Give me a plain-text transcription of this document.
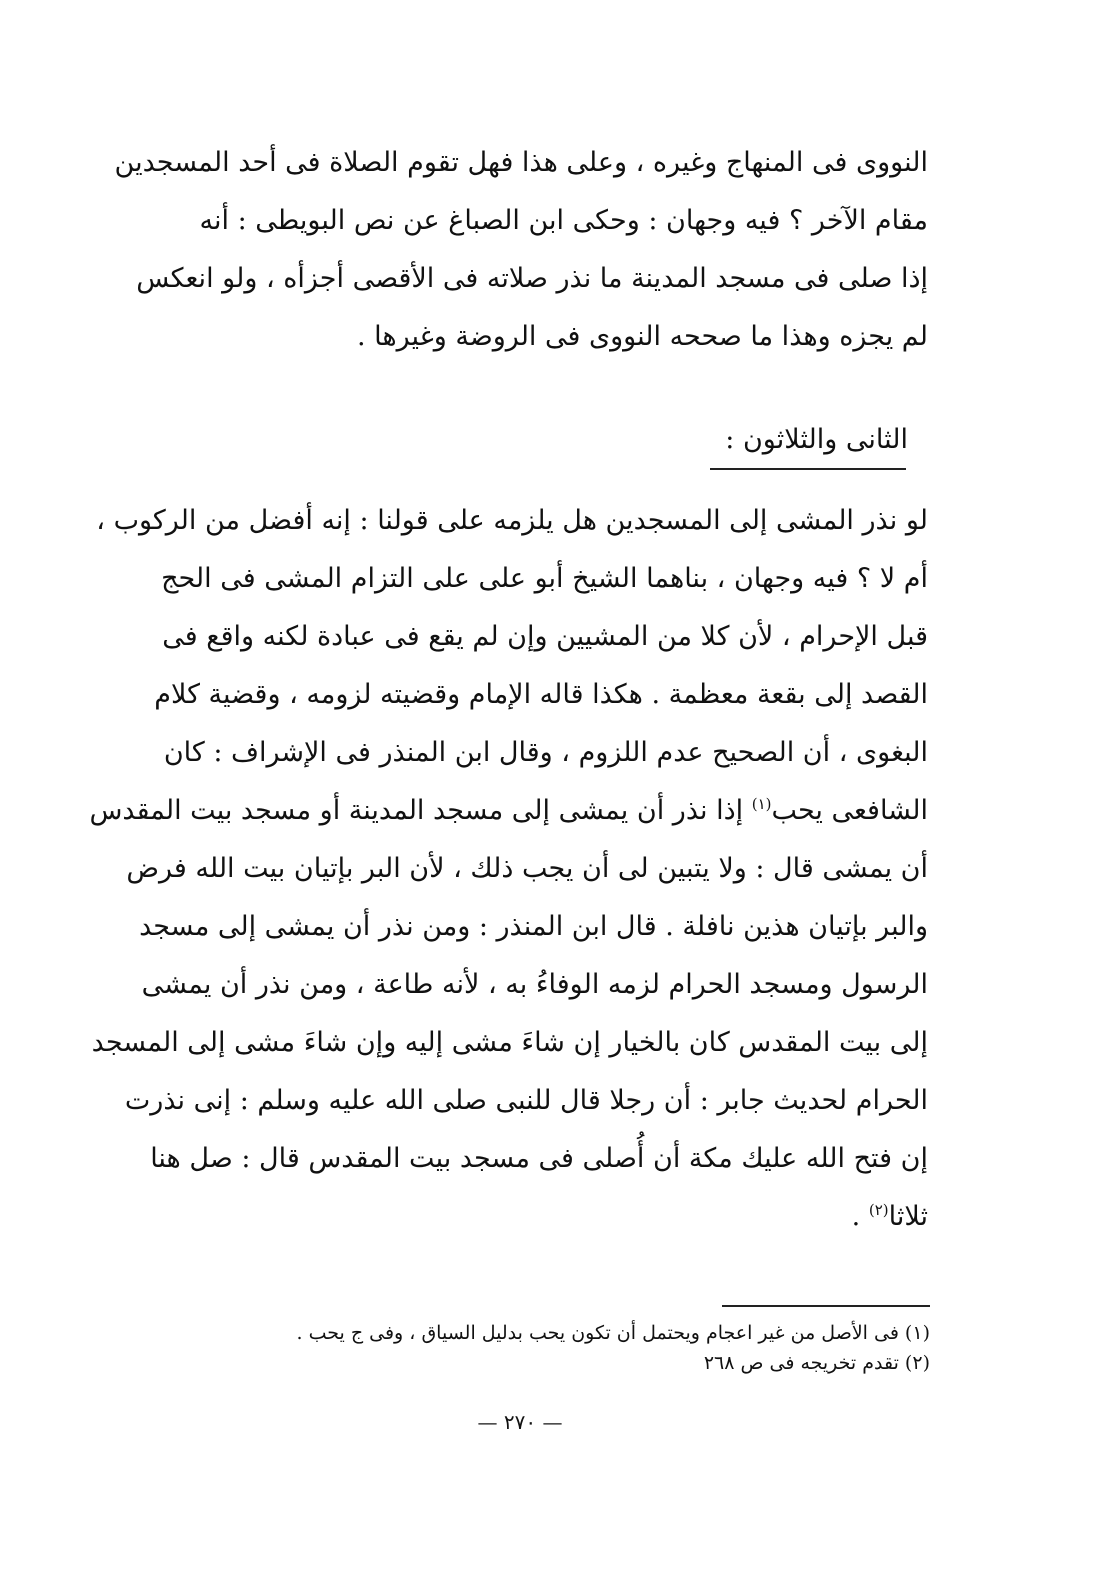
النووى فى المنهاج وغيره ، وعلى هذا فهل تقوم الصلاة فى أحد المسجدين
مقام الآخر ؟ فيه وجهان : وحكى ابن الصباغ عن نص البويطى : أنه
إذا صلى فى مسجد المدينة ما نذر صلاته فى الأقصى أجزأه ، ولو انعكس
لم يجزه وهذا ما صححه النووى فى الروضة وغيرها .
الثانى والثلاثون :
لو نذر المشى إلى المسجدين هل يلزمه على قولنا : إنه أفضل من الركوب ،
أم لا ؟ فيه وجهان ، بناهما الشيخ أبو على على التزام المشى فى الحج
قبل الإحرام ، لأن كلا من المشيين وإن لم يقع فى عبادة لكنه واقع فى
القصد إلى بقعة معظمة . هكذا قاله الإمام وقضيته لزومه ، وقضية كلام
البغوى ، أن الصحيح عدم اللزوم ، وقال ابن المنذر فى الإشراف : كان
الشافعى يحب$^{(١)}$ إذا نذر أن يمشى إلى مسجد المدينة أو مسجد بيت المقدس
أن يمشى قال : ولا يتبين لى أن يجب ذلك ، لأن البر بإتيان بيت الله فرض
والبر بإتيان هذين نافلة . قال ابن المنذر : ومن نذر أن يمشى إلى مسجد
الرسول ومسجد الحرام لزمه الوفاءُ به ، لأنه طاعة ، ومن نذر أن يمشى
إلى بيت المقدس كان بالخيار إن شاءَ مشى إليه وإن شاءَ مشى إلى المسجد
الحرام لحديث جابر : أن رجلا قال للنبى صلى الله عليه وسلم : إنى نذرت
إن فتح الله عليك مكة أن أُصلى فى مسجد بيت المقدس قال : صل هنا
ثلاثا$^{(٢)}$ .
(١) فى الأصل من غير اعجام ويحتمل أن تكون يحب بدليل السياق ، وفى ج يحب .
(٢) تقدم تخريجه فى ص ٢٦٨
— ٢٧٠ —
